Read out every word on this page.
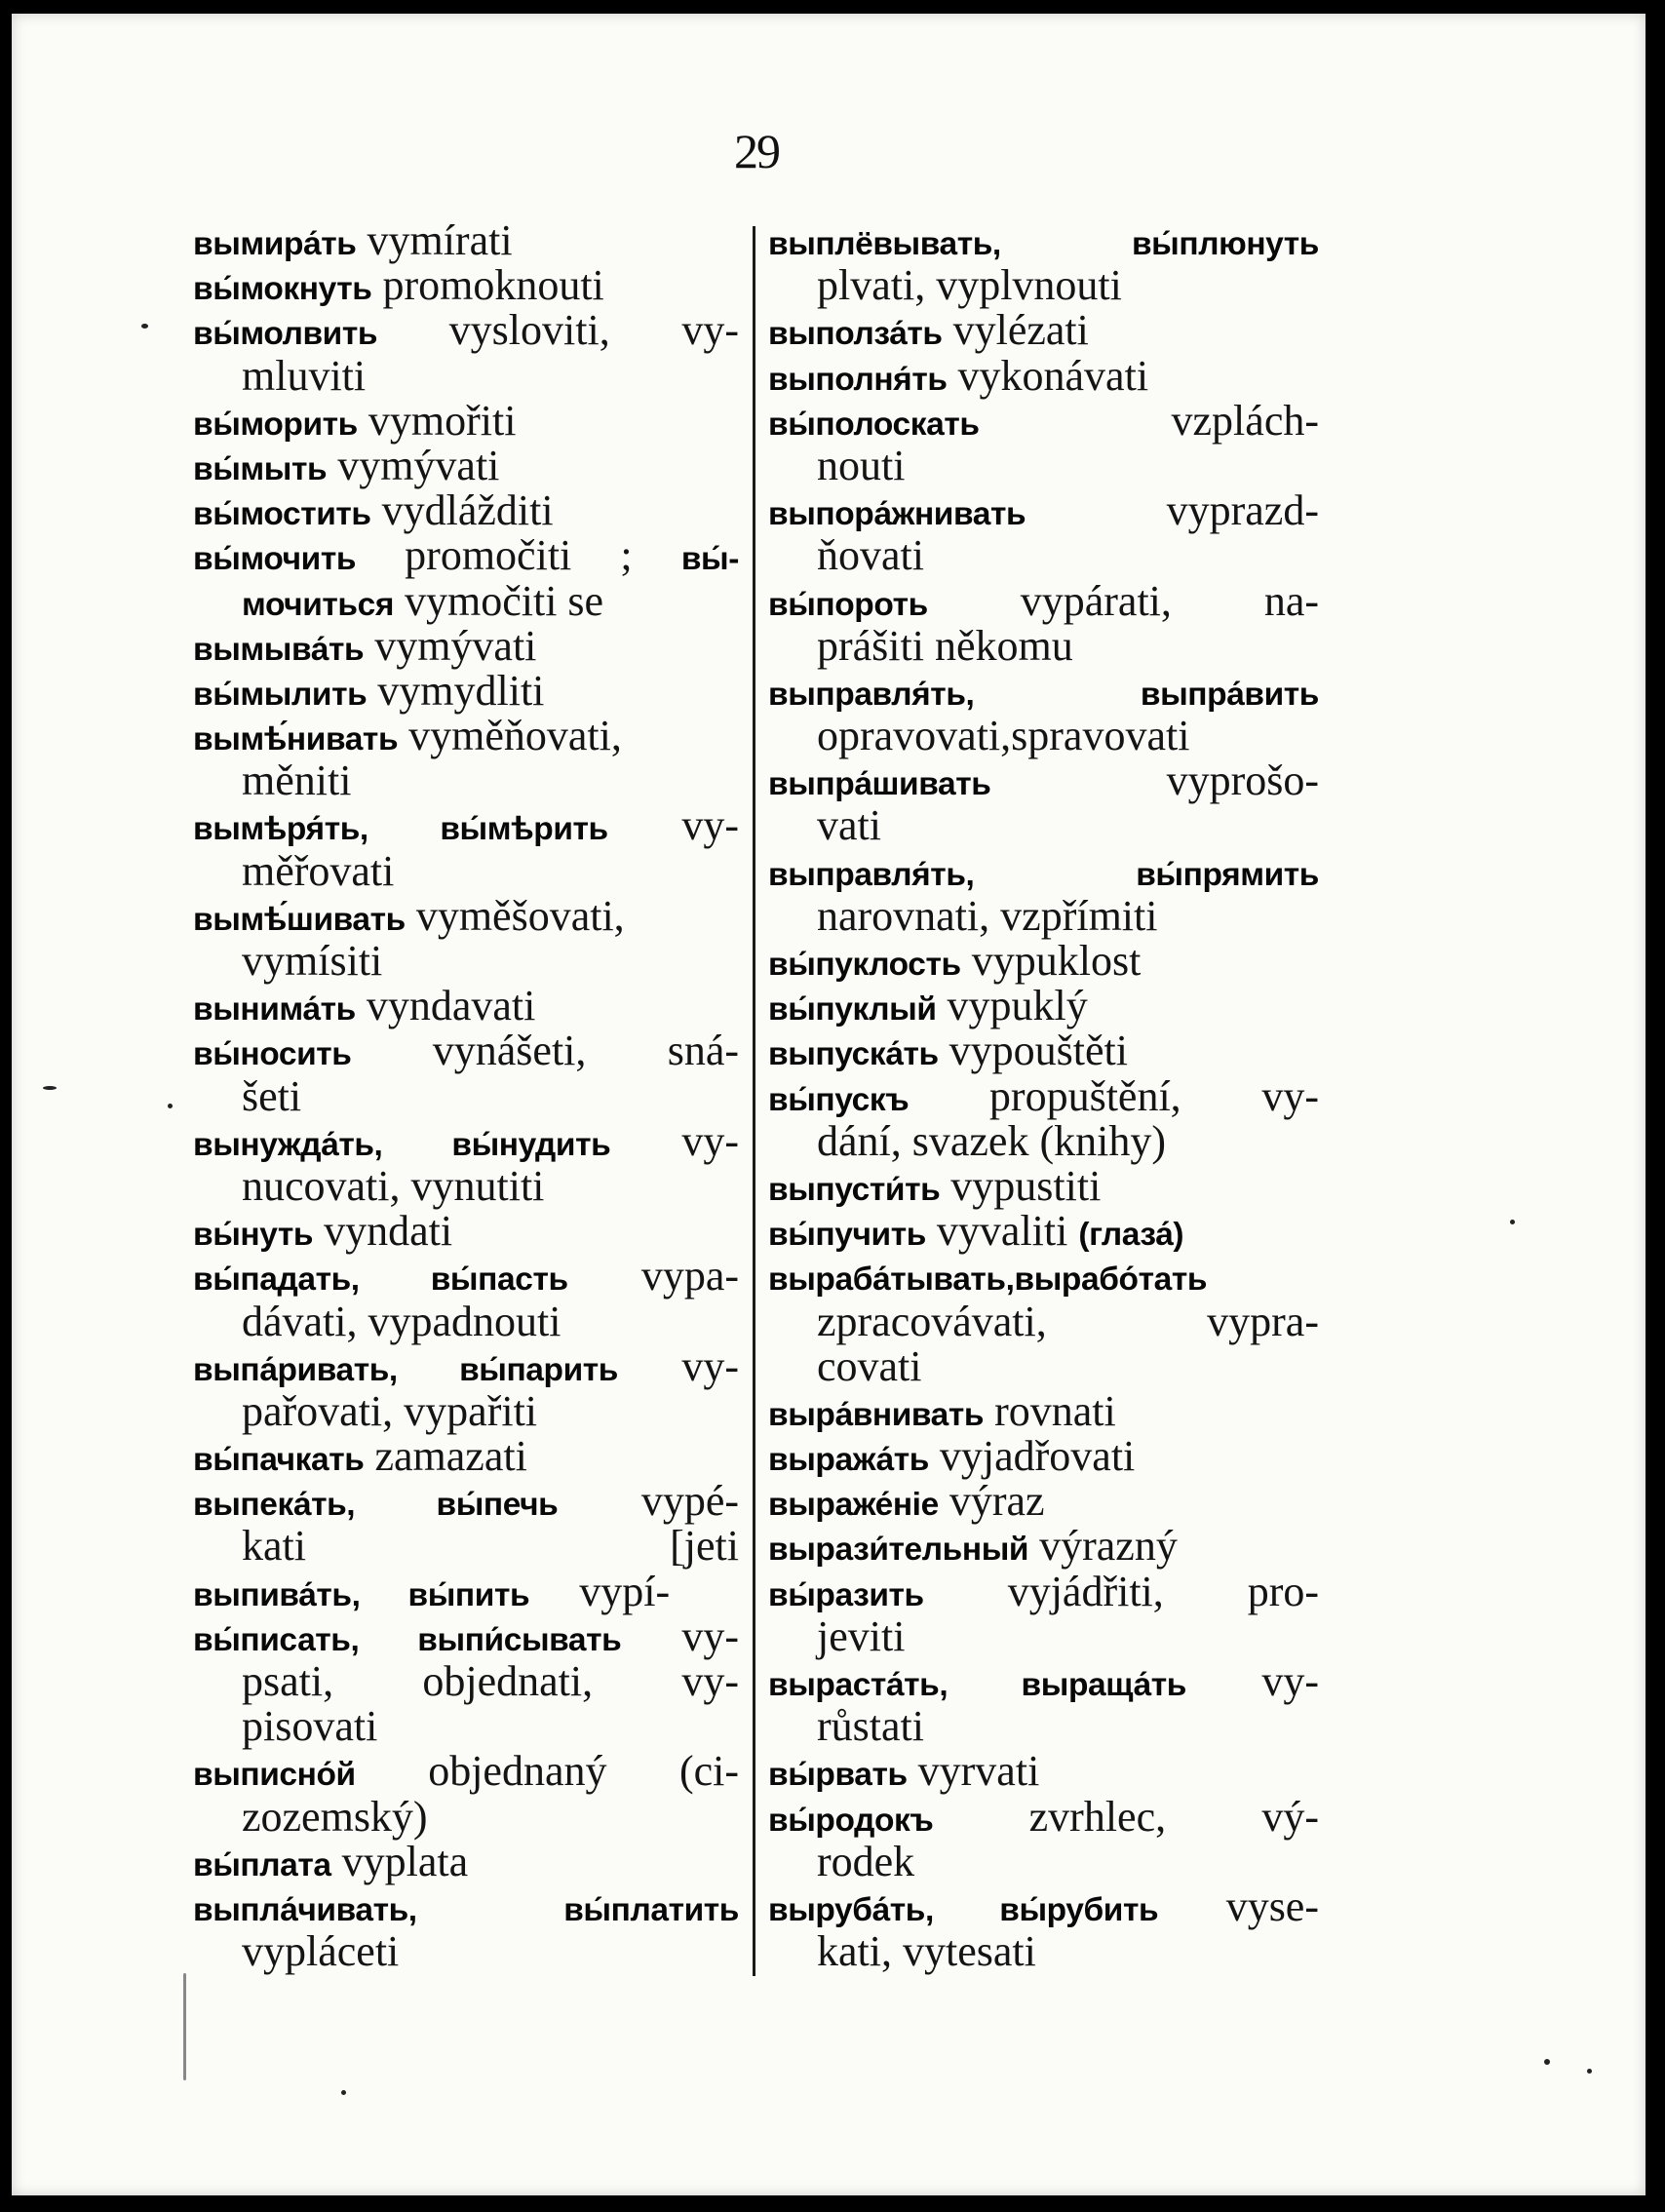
29
вымира́ть vymírati
вы́мокнуть promoknouti
вы́молвить vysloviti, vy-
mluviti
вы́морить vymořiti
вы́мыть vymývati
вы́мостить vydlážditi
вы́мочить promočiti ; вы́-
мочиться vymočiti se
вымыва́ть vymývati
вы́мылить vymydliti
вымѣ́нивать vyměňovati,
měniti
вымѣря́ть, вы́мѣрить vy-
měřovati
вымѣ́шивать vyměšovati,
vymísiti
вынима́ть vyndavati
вы́носить vynášeti, sná-
šeti
вынужда́ть, вы́нудить vy-
nucovati, vynutiti
вы́нуть vyndati
вы́падать, вы́пасть vypa-
dávati, vypadnouti
выпа́ривать, вы́парить vy-
pařovati, vypařiti
вы́пачкать zamazati
выпека́ть, вы́печь vypé-
kati	[jeti
выпива́ть, вы́пить vypí-
вы́писать, выпи́сывать vy-
psati, objednati, vy-
pisovati
выписно́й objednaný (ci-
zozemský)
вы́плата vyplata
выпла́чивать, вы́платить
vypláceti
выплёвывать, вы́плюнуть
plvati, vyplvnouti
выполза́ть vylézati
выполня́ть vykonávati
вы́полоскать vzplách-
nouti
выпора́жнивать vyprazd-
ňovati
вы́пороть vypárati, na-
prášiti někomu
выправля́ть, выпра́вить
opravovati,spravovati
выпра́шивать vyprošo-
vati
выправля́ть, вы́прямить
narovnati, vzpřímiti
вы́пуклость vypuklost
вы́пуклый vypuklý
выпуска́ть vypouštěti
вы́пускъ propuštění, vy-
dání, svazek (knihy)
выпусти́ть vypustiti
вы́пучить vyvaliti (глаза́)
выраба́тывать,вырабо́тать
zpracovávati, vypra-
covati
выра́внивать rovnati
выража́ть vyjadřovati
выраже́нiе výraz
вырази́тельный výrazný
вы́разить vyjádřiti, pro-
jeviti
выраста́ть, выраща́ть vy-
růstati
вы́рвать vyrvati
вы́родокъ zvrhlec, vý-
rodek
выруба́ть, вы́рубить vyse-
kati, vytesati
